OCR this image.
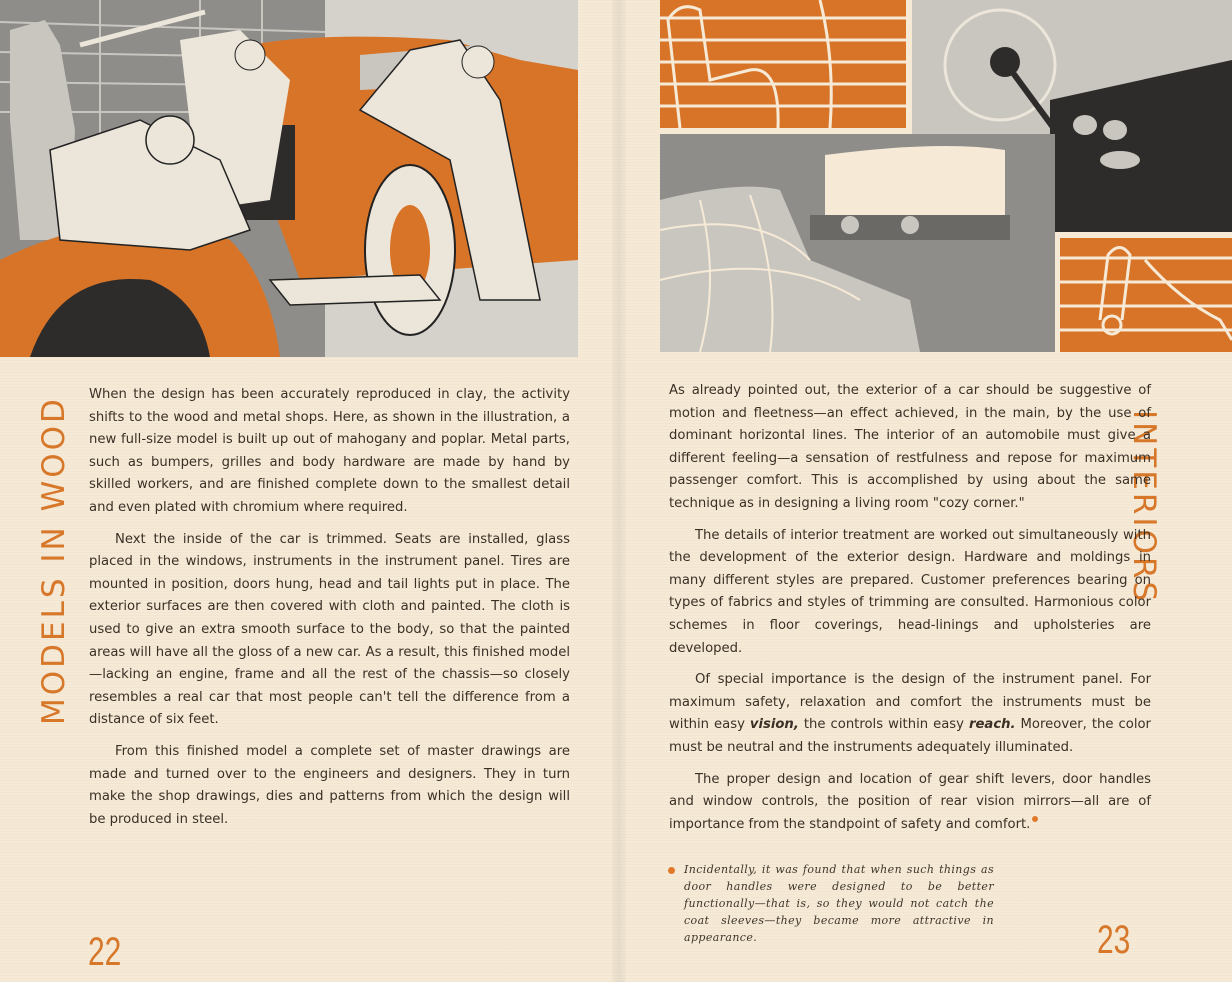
MODELS IN WOOD

When the design has been accurately reproduced in clay, the activity shifts to the wood and metal shops. Here, as shown in the illustration, a new full-size model is built up out of mahogany and poplar. Metal parts, such as bumpers, grilles and body hardware are made by hand by skilled workers, and are finished complete down to the smallest detail and even plated with chromium where required.

Next the inside of the car is trimmed. Seats are installed, glass placed in the windows, instruments in the instrument panel. Tires are mounted in position, doors hung, head and tail lights put in place. The exterior surfaces are then covered with cloth and painted. The cloth is used to give an extra smooth surface to the body, so that the painted areas will have all the gloss of a new car. As a result, this finished model—lacking an engine, frame and all the rest of the chassis—so closely resembles a real car that most people can't tell the difference from a distance of six feet.

From this finished model a complete set of master drawings are made and turned over to the engineers and designers. They in turn make the shop drawings, dies and patterns from which the design will be produced in steel.

22
INTERIORS

As already pointed out, the exterior of a car should be suggestive of motion and fleetness—an effect achieved, in the main, by the use of dominant horizontal lines. The interior of an automobile must give a different feeling—a sensation of restfulness and repose for maximum passenger comfort. This is accomplished by using about the same technique as in designing a living room "cozy corner."

The details of interior treatment are worked out simultaneously with the development of the exterior design. Hardware and moldings in many different styles are prepared. Customer preferences bearing on types of fabrics and styles of trimming are consulted. Harmonious color schemes in floor coverings, head-linings and upholsteries are developed.

Of special importance is the design of the instrument panel. For maximum safety, relaxation and comfort the instruments must be within easy vision, the controls within easy reach. Moreover, the color must be neutral and the instruments adequately illuminated.

The proper design and location of gear shift levers, door handles and window controls, the position of rear vision mirrors—all are of importance from the standpoint of safety and comfort.

Incidentally, it was found that when such things as door handles were designed to be better functionally—that is, so they would not catch the coat sleeves—they became more attractive in appearance.	23
